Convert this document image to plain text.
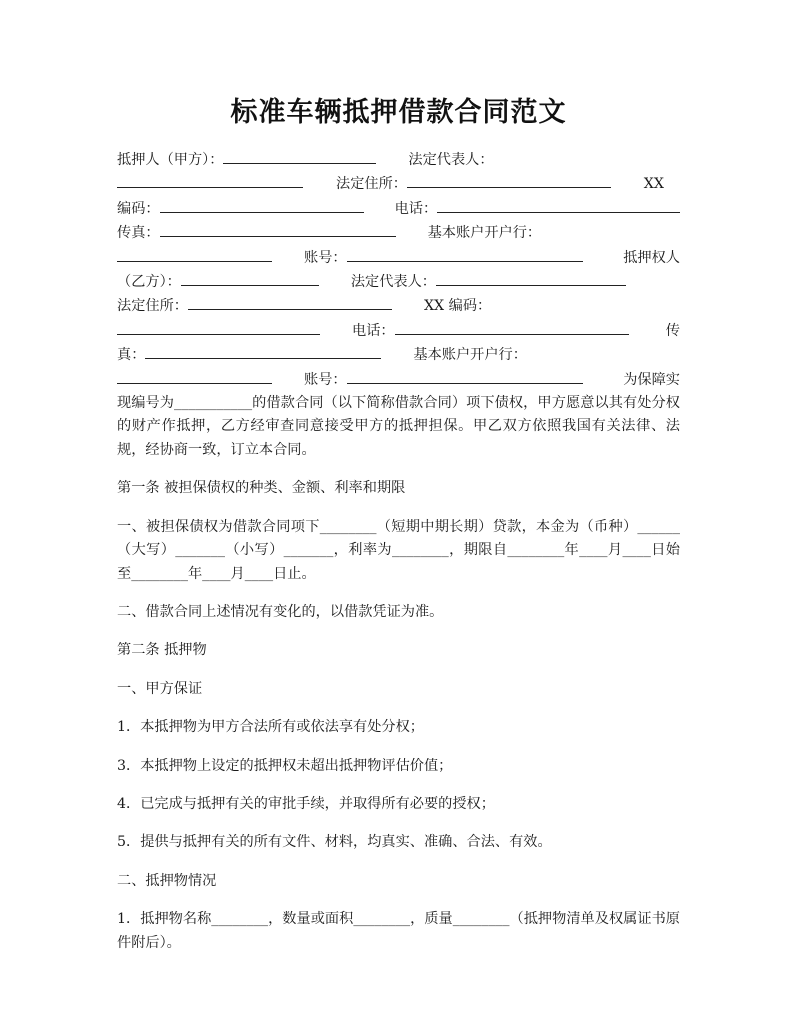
标准车辆抵押借款合同范文
抵押人（甲方）：	法定代表人：
法定住所：	XX
编码：	电话：
传真：	基本账户开户行：
账号：	抵押权人
（乙方）：	法定代表人：
法定住所：	XX 编码：
电话：	传
真：	基本账户开户行：
账号：	为保障实

现编号为___________的借款合同（以下简称借款合同）项下债权，甲方愿意以其有处分权的财产作抵押，乙方经审查同意接受甲方的抵押担保。甲乙双方依照我国有关法律、法规，经协商一致，订立本合同。

第一条 被担保债权的种类、金额、利率和期限

一、被担保债权为借款合同项下________（短期中期长期）贷款，本金为（币种）______（大写）_______（小写）_______，利率为________，期限自________年____月____日始至________年____月____日止。

二、借款合同上述情况有变化的，以借款凭证为准。

第二条 抵押物

一、甲方保证

1．本抵押物为甲方合法所有或依法享有处分权；

3．本抵押物上设定的抵押权未超出抵押物评估价值；

4．已完成与抵押有关的审批手续，并取得所有必要的授权；

5．提供与抵押有关的所有文件、材料，均真实、准确、合法、有效。

二、抵押物情况

1．抵押物名称________，数量或面积________，质量________（抵押物清单及权属证书原件附后）。
